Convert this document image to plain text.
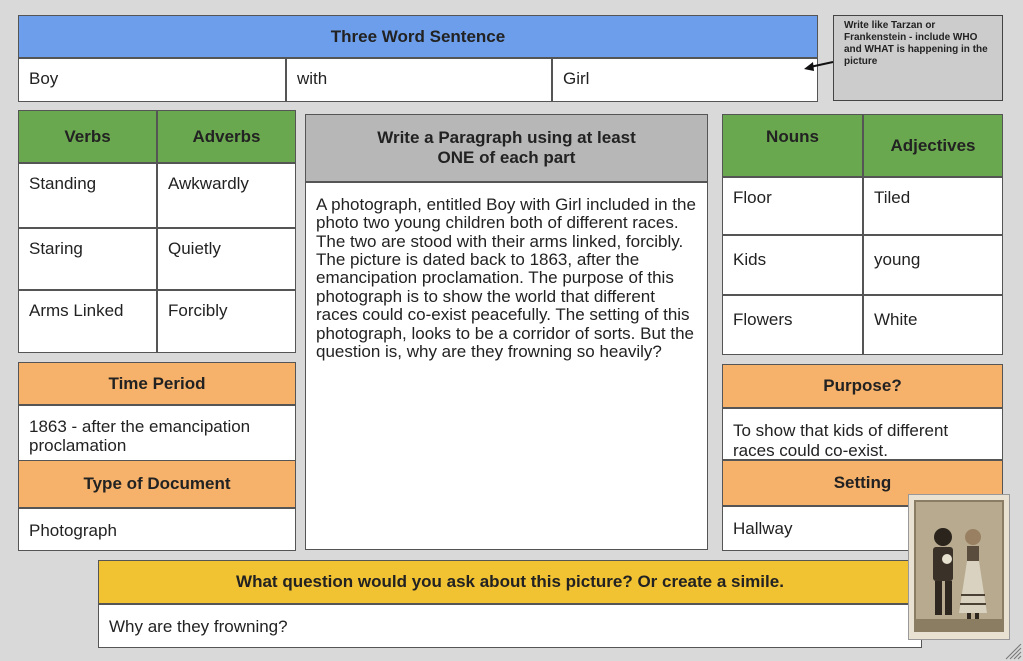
Three Word Sentence
Boy	with	Girl
Write like Tarzan or Frankenstein - include WHO and WHAT is happening in the picture
Verbs	Adverbs
Standing	Awkwardly
Staring	Quietly
Arms Linked	Forcibly
Write a Paragraph using at least ONE of each part
A photograph, entitled Boy with Girl included in the photo two young children both of different races. The two are stood with their arms linked, forcibly. The picture is dated back to 1863, after the emancipation proclamation. The purpose of this photograph is to show the world that different races could co-exist peacefully. The setting of this photograph, looks to be a corridor of sorts. But the question is, why are they frowning so heavily?
Nouns	Adjectives
Floor	Tiled
Kids	young
Flowers	White
Time Period
1863 - after the emancipation proclamation
Type of Document
Photograph
Purpose?
To show that kids of different races could co-exist.
Setting
Hallway
What question would you ask about this picture? Or create a simile.
Why are they frowning?
